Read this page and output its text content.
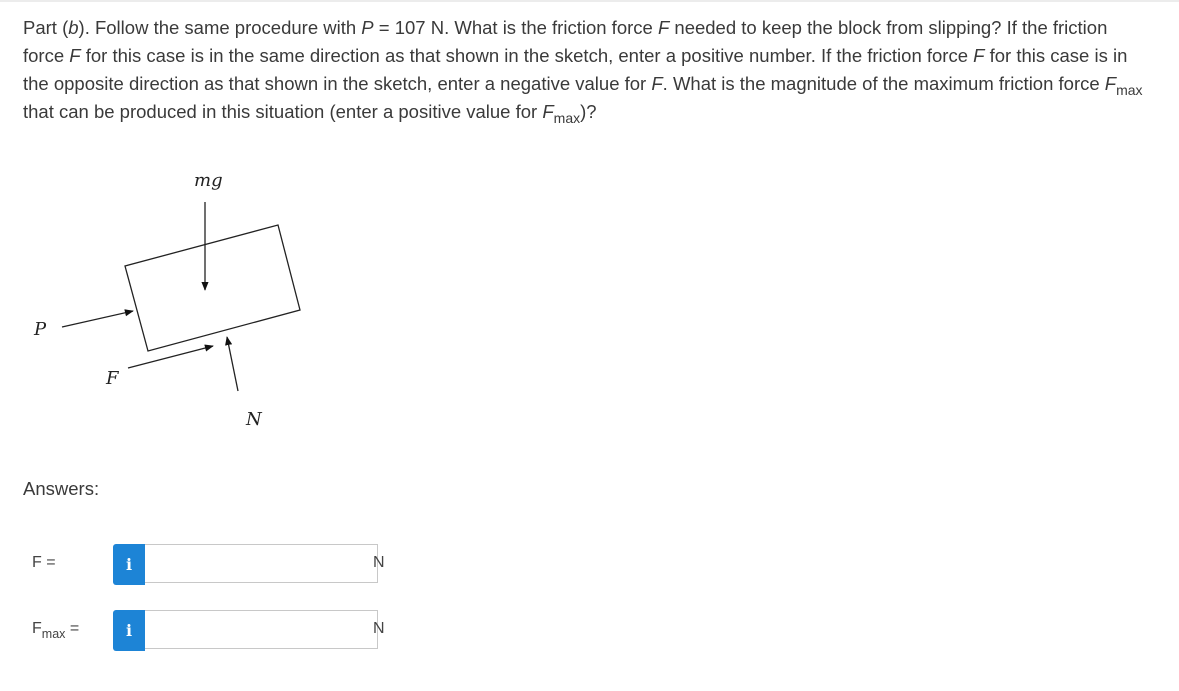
Part (b). Follow the same procedure with P = 107 N. What is the friction force F needed to keep the block from slipping? If the friction force F for this case is in the same direction as that shown in the sketch, enter a positive number. If the friction force F for this case is in the opposite direction as that shown in the sketch, enter a negative value for F. What is the magnitude of the maximum friction force $F_{max}$ that can be produced in this situation (enter a positive value for $F_{max}$)?
mg
P
F
N
Answers:
F =	i	N
$F_{max}$ =	i	N
